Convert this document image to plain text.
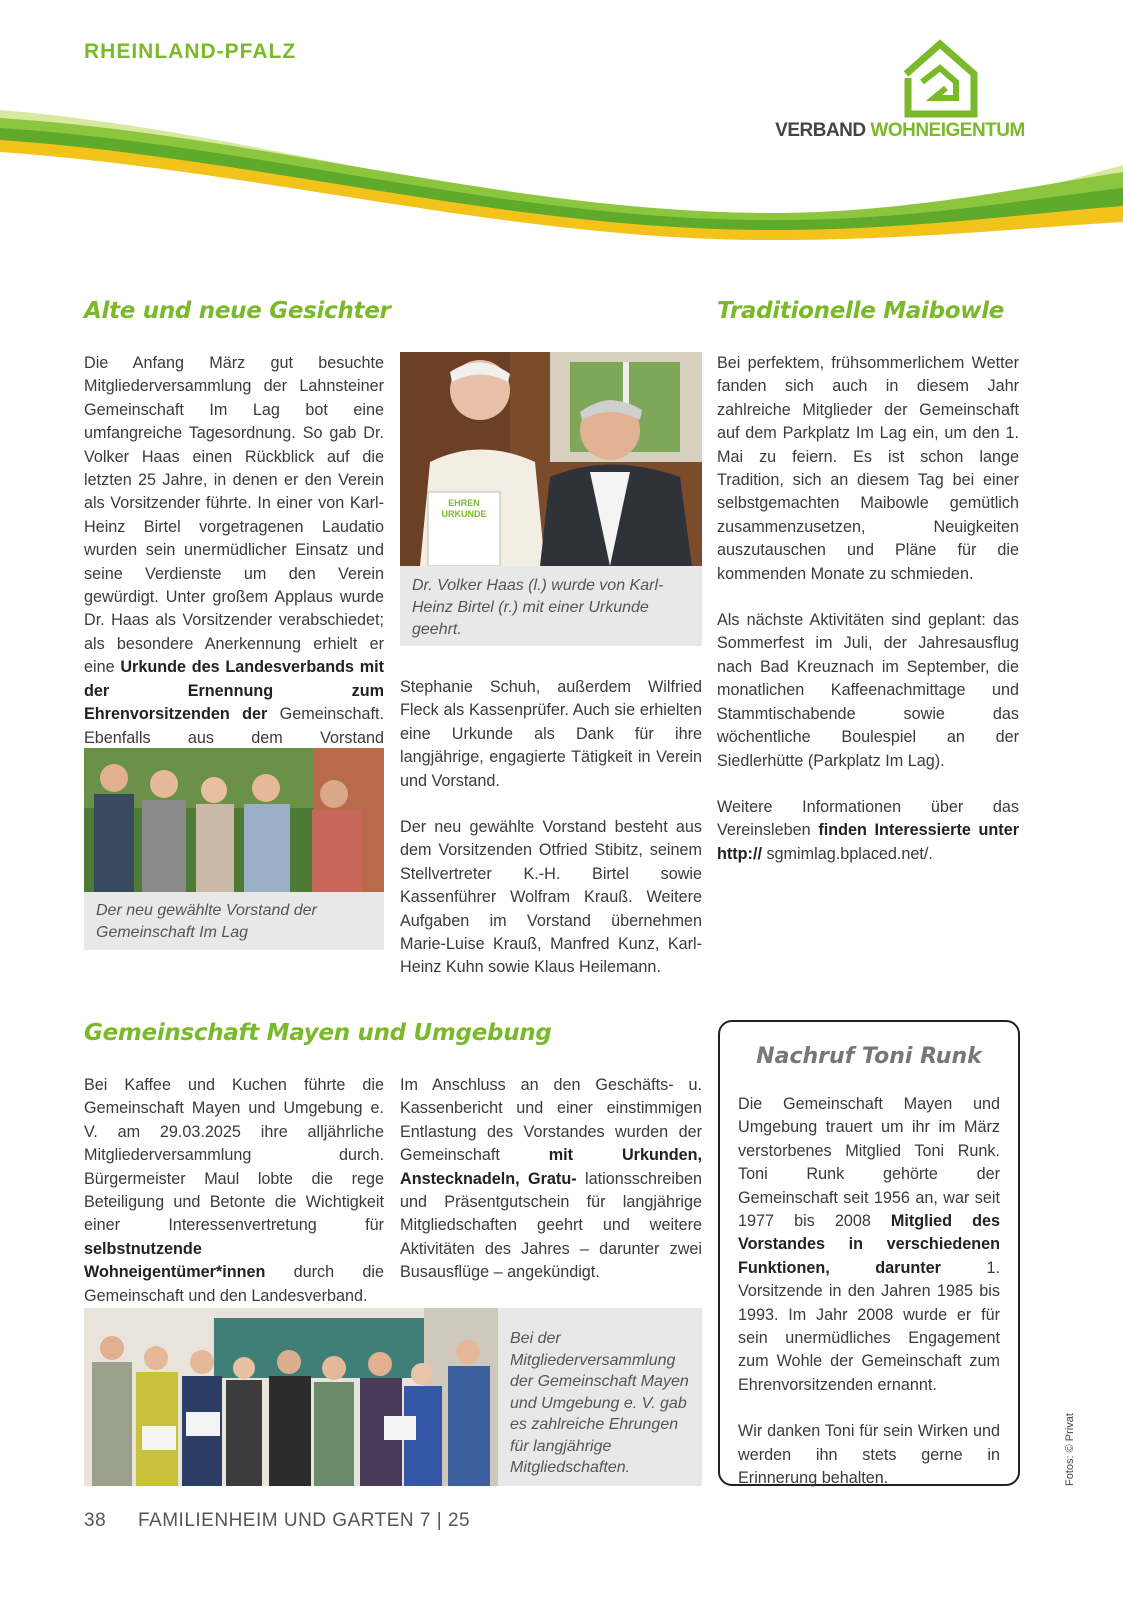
RHEINLAND-PFALZ
VERBAND WOHNEIGENTUM
Alte und neue Gesichter

Die Anfang März gut besuchte Mitgliederversammlung der Lahnsteiner Gemeinschaft Im Lag bot eine umfangreiche Tagesordnung. So gab Dr. Volker Haas einen Rückblick auf die letzten 25 Jahre, in denen er den Verein als Vorsitzender führte. In einer von Karl-Heinz Birtel vorgetragenen Laudatio wurden sein unermüdlicher Einsatz und seine Verdienste um den Verein gewürdigt. Unter großem Applaus wurde Dr. Haas als Vorsitzender verabschiedet; als besondere Anerkennung erhielt er eine Urkunde des Landesverbands mit der Ernennung zum Ehrenvorsitzenden der Gemeinschaft. Ebenfalls aus dem Vorstand

EHREN
URKUNDE
Dr. Volker Haas (l.) wurde von Karl-Heinz Birtel (r.) mit einer Urkunde geehrt.

Stephanie Schuh, außerdem Wilfried Fleck als Kassenprüfer. Auch sie erhielten eine Urkunde als Dank für ihre langjährige, engagierte Tätigkeit in Verein und Vorstand.

Der neu gewählte Vorstand besteht aus dem Vorsitzenden Otfried Stibitz, seinem Stellvertreter K.-H. Birtel sowie Kassenführer Wolfram Krauß. Weitere Aufgaben im Vorstand übernehmen Marie-Luise Krauß, Manfred Kunz, Karl-Heinz Kuhn sowie Klaus Heilemann.

Der neu gewählte Vorstand der Gemeinschaft Im Lag
Traditionelle Maibowle

Bei perfektem, frühsommerlichem Wetter fanden sich auch in diesem Jahr zahlreiche Mitglieder der Gemeinschaft auf dem Parkplatz Im Lag ein, um den 1. Mai zu feiern. Es ist schon lange Tradition, sich an diesem Tag bei einer selbstgemachten Maibowle gemütlich zusammenzusetzen, Neuigkeiten auszutauschen und Pläne für die kommenden Monate zu schmieden.

Als nächste Aktivitäten sind geplant: das Sommerfest im Juli, der Jahresausflug nach Bad Kreuznach im September, die monatlichen Kaffeenachmittage und Stammtischabende sowie das wöchentliche Boulespiel an der Siedlerhütte (Parkplatz Im Lag).

Weitere Informationen über das Vereinsleben finden Interessierte unter http:// sgmimlag.bplaced.net/.

Gemeinschaft Mayen und Umgebung

Bei Kaffee und Kuchen führte die Gemeinschaft Mayen und Umgebung e. V. am 29.03.2025 ihre alljährliche Mitgliederversammlung durch. Bürgermeister Maul lobte die rege Beteiligung und Betonte die Wichtigkeit einer Interessenvertretung für selbstnutzende Wohneigentümer*innen durch die Gemeinschaft und den Landesverband.

Im Anschluss an den Geschäfts- u. Kassenbericht und einer einstimmigen Entlastung des Vorstandes wurden der Gemeinschaft	mit Urkunden, Anstecknadeln, Gratu- lationsschreiben und Präsentgutschein für langjährige Mitgliedschaften geehrt und weitere Aktivitäten des Jahres – darunter zwei Busausflüge – angekündigt.

Bei der Mitgliederversammlung der Gemeinschaft Mayen und Umgebung e. V. gab es zahlreiche Ehrungen für langjährige Mitgliedschaften.
Nachruf Toni Runk

Die Gemeinschaft Mayen und Umgebung trauert um ihr im März verstorbenes Mitglied Toni Runk. Toni Runk gehörte der Gemeinschaft seit 1956 an, war seit 1977 bis 2008 Mitglied des Vorstandes in verschiedenen Funktionen, darunter	1. Vorsitzende in den Jahren 1985 bis 1993. Im Jahr 2008 wurde er für sein unermüdliches Engagement zum Wohle der Gemeinschaft zum Ehrenvorsitzenden ernannt.

Wir danken Toni für sein Wirken und werden ihn stets gerne in Erinnerung behalten.	Fotos: © Privat
38 FAMILIENHEIM UND GARTEN 7 | 25
